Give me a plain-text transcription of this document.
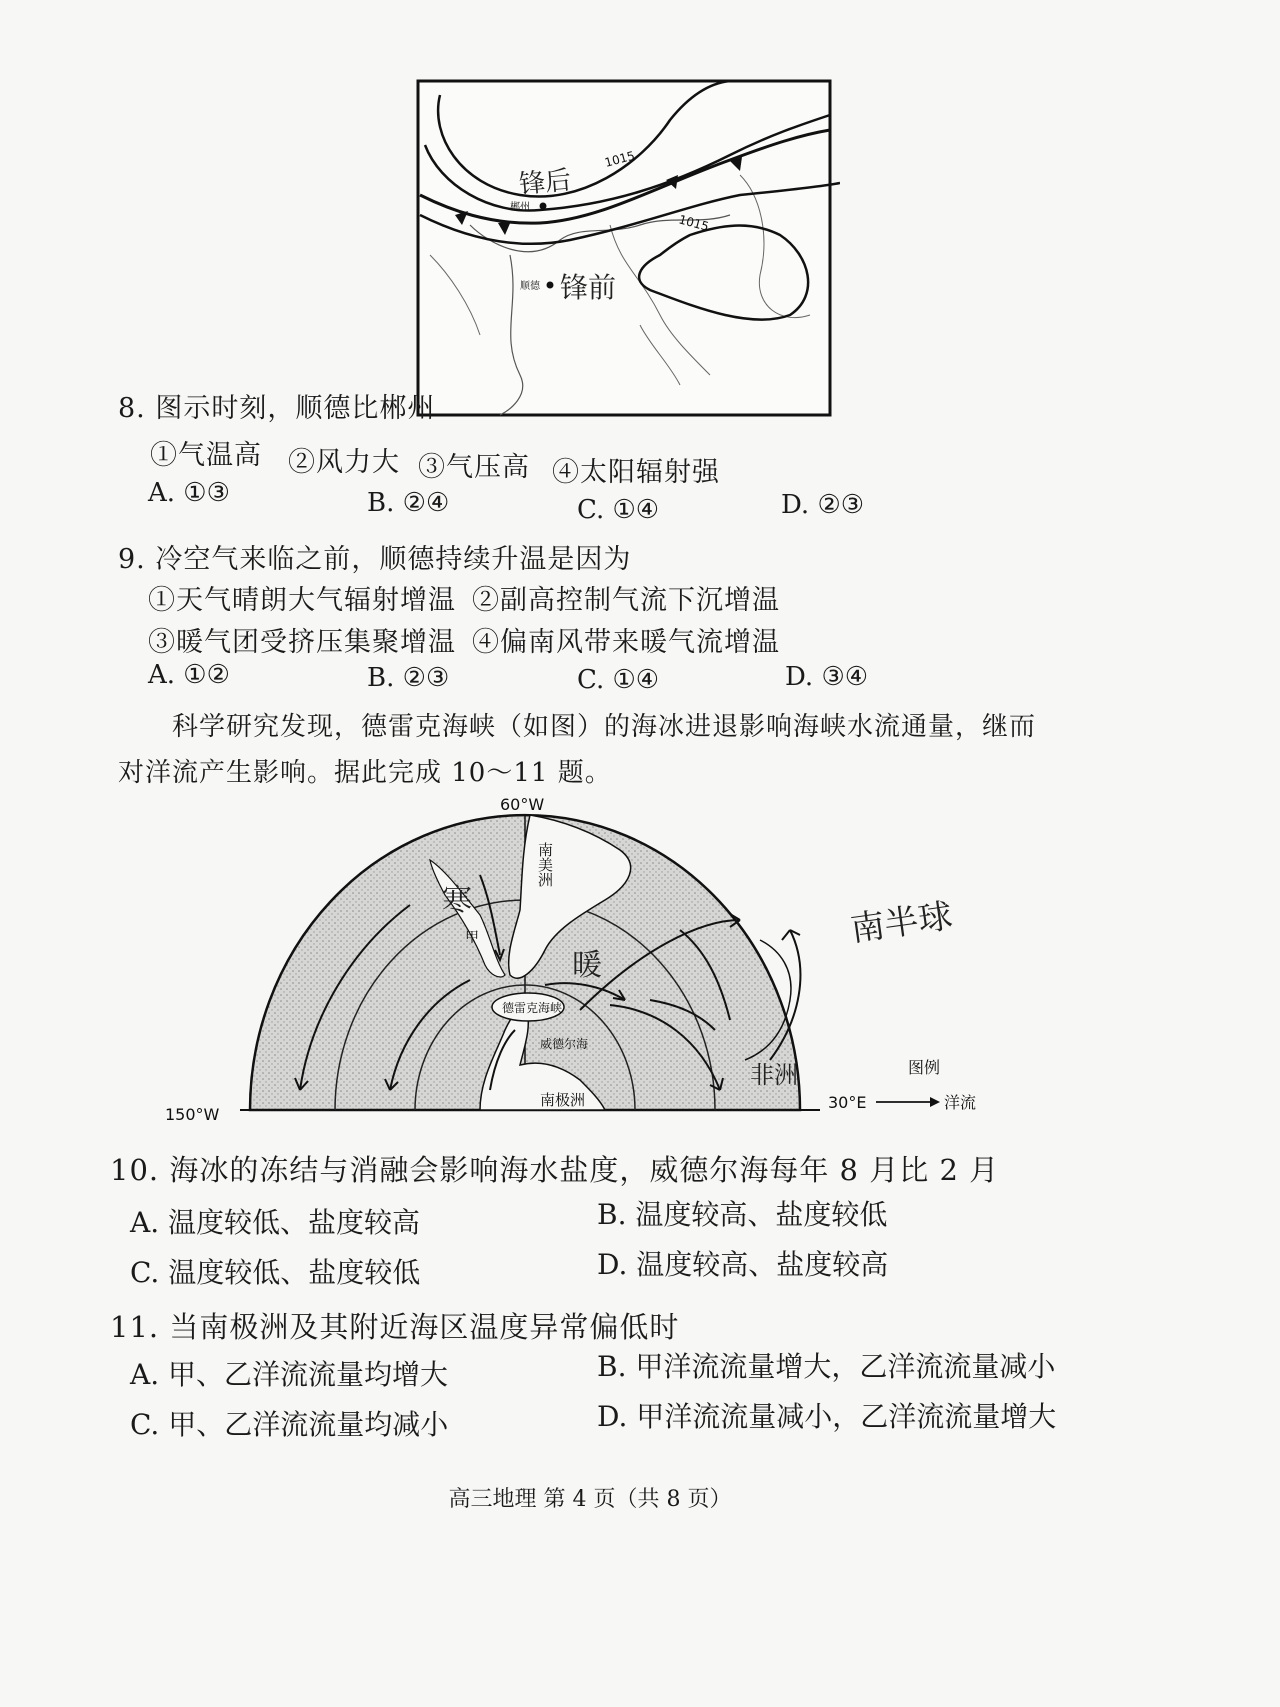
1015
1015
郴州
顺德
锋后
锋前
8. 图示时刻，顺德比郴州
①气温高 ②风力大 ③气压高 ④太阳辐射强
A. ①③	B. ②④	C. ①④	D. ②③
9. 冷空气来临之前，顺德持续升温是因为
①天气晴朗大气辐射增温 ②副高控制气流下沉增温
③暖气团受挤压集聚增温 ④偏南风带来暖气流增温
A. ①②	B. ②③	C. ①④	D. ③④
科学研究发现，德雷克海峡（如图）的海冰进退影响海峡水流通量，继而
对洋流产生影响。据此完成 10～11 题。
60°W
150°W
30°E
南美洲
南极洲
德雷克海峡
威德尔海
甲
寒
暖
图例
洋流
南半球
非洲
10. 海冰的冻结与消融会影响海水盐度，威德尔海每年 8 月比 2 月
A. 温度较低、盐度较高	B. 温度较高、盐度较低
C. 温度较低、盐度较低	D. 温度较高、盐度较高
11. 当南极洲及其附近海区温度异常偏低时
A. 甲、乙洋流流量均增大	B. 甲洋流流量增大，乙洋流流量减小
C. 甲、乙洋流流量均减小	D. 甲洋流流量减小，乙洋流流量增大
高三地理 第 4 页（共 8 页）
